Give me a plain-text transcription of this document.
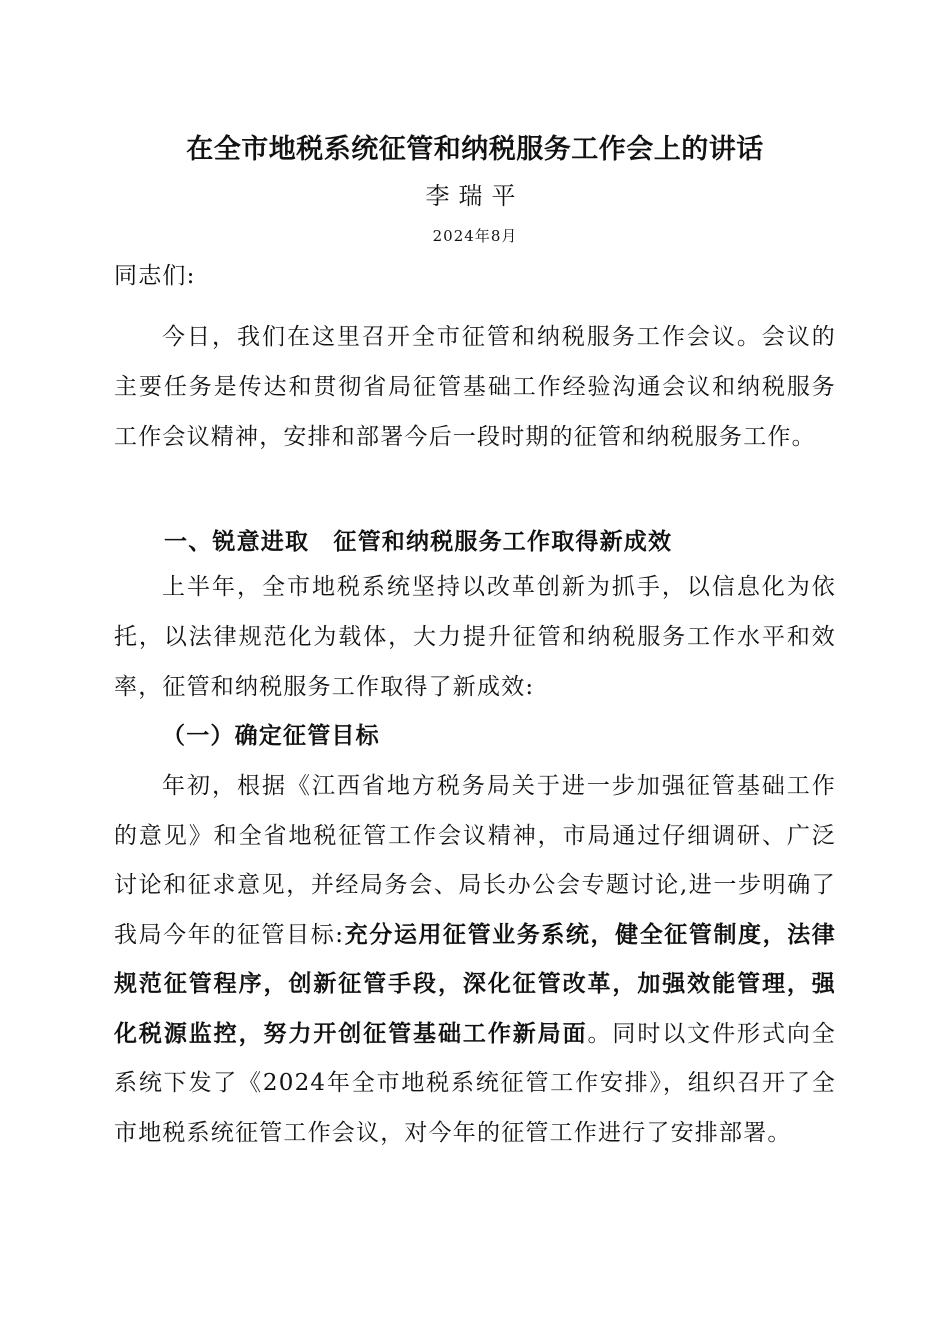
在全市地税系统征管和纳税服务工作会上的讲话
李瑞平
2024年8月
同志们:
今日，我们在这里召开全市征管和纳税服务工作会议。会议的主要任务是传达和贯彻省局征管基础工作经验沟通会议和纳税服务工作会议精神，安排和部署今后一段时期的征管和纳税服务工作。
一、锐意进取　征管和纳税服务工作取得新成效
上半年，全市地税系统坚持以改革创新为抓手，以信息化为依托，以法律规范化为载体，大力提升征管和纳税服务工作水平和效率，征管和纳税服务工作取得了新成效:
（一）确定征管目标
年初，根据《江西省地方税务局关于进一步加强征管基础工作的意见》和全省地税征管工作会议精神，市局通过仔细调研、广泛讨论和征求意见，并经局务会、局长办公会专题讨论,进一步明确了我局今年的征管目标:充分运用征管业务系统，健全征管制度，法律规范征管程序，创新征管手段，深化征管改革，加强效能管理，强化税源监控，努力开创征管基础工作新局面。同时以文件形式向全系统下发了《2024年全市地税系统征管工作安排》，组织召开了全市地税系统征管工作会议，对今年的征管工作进行了安排部署。
